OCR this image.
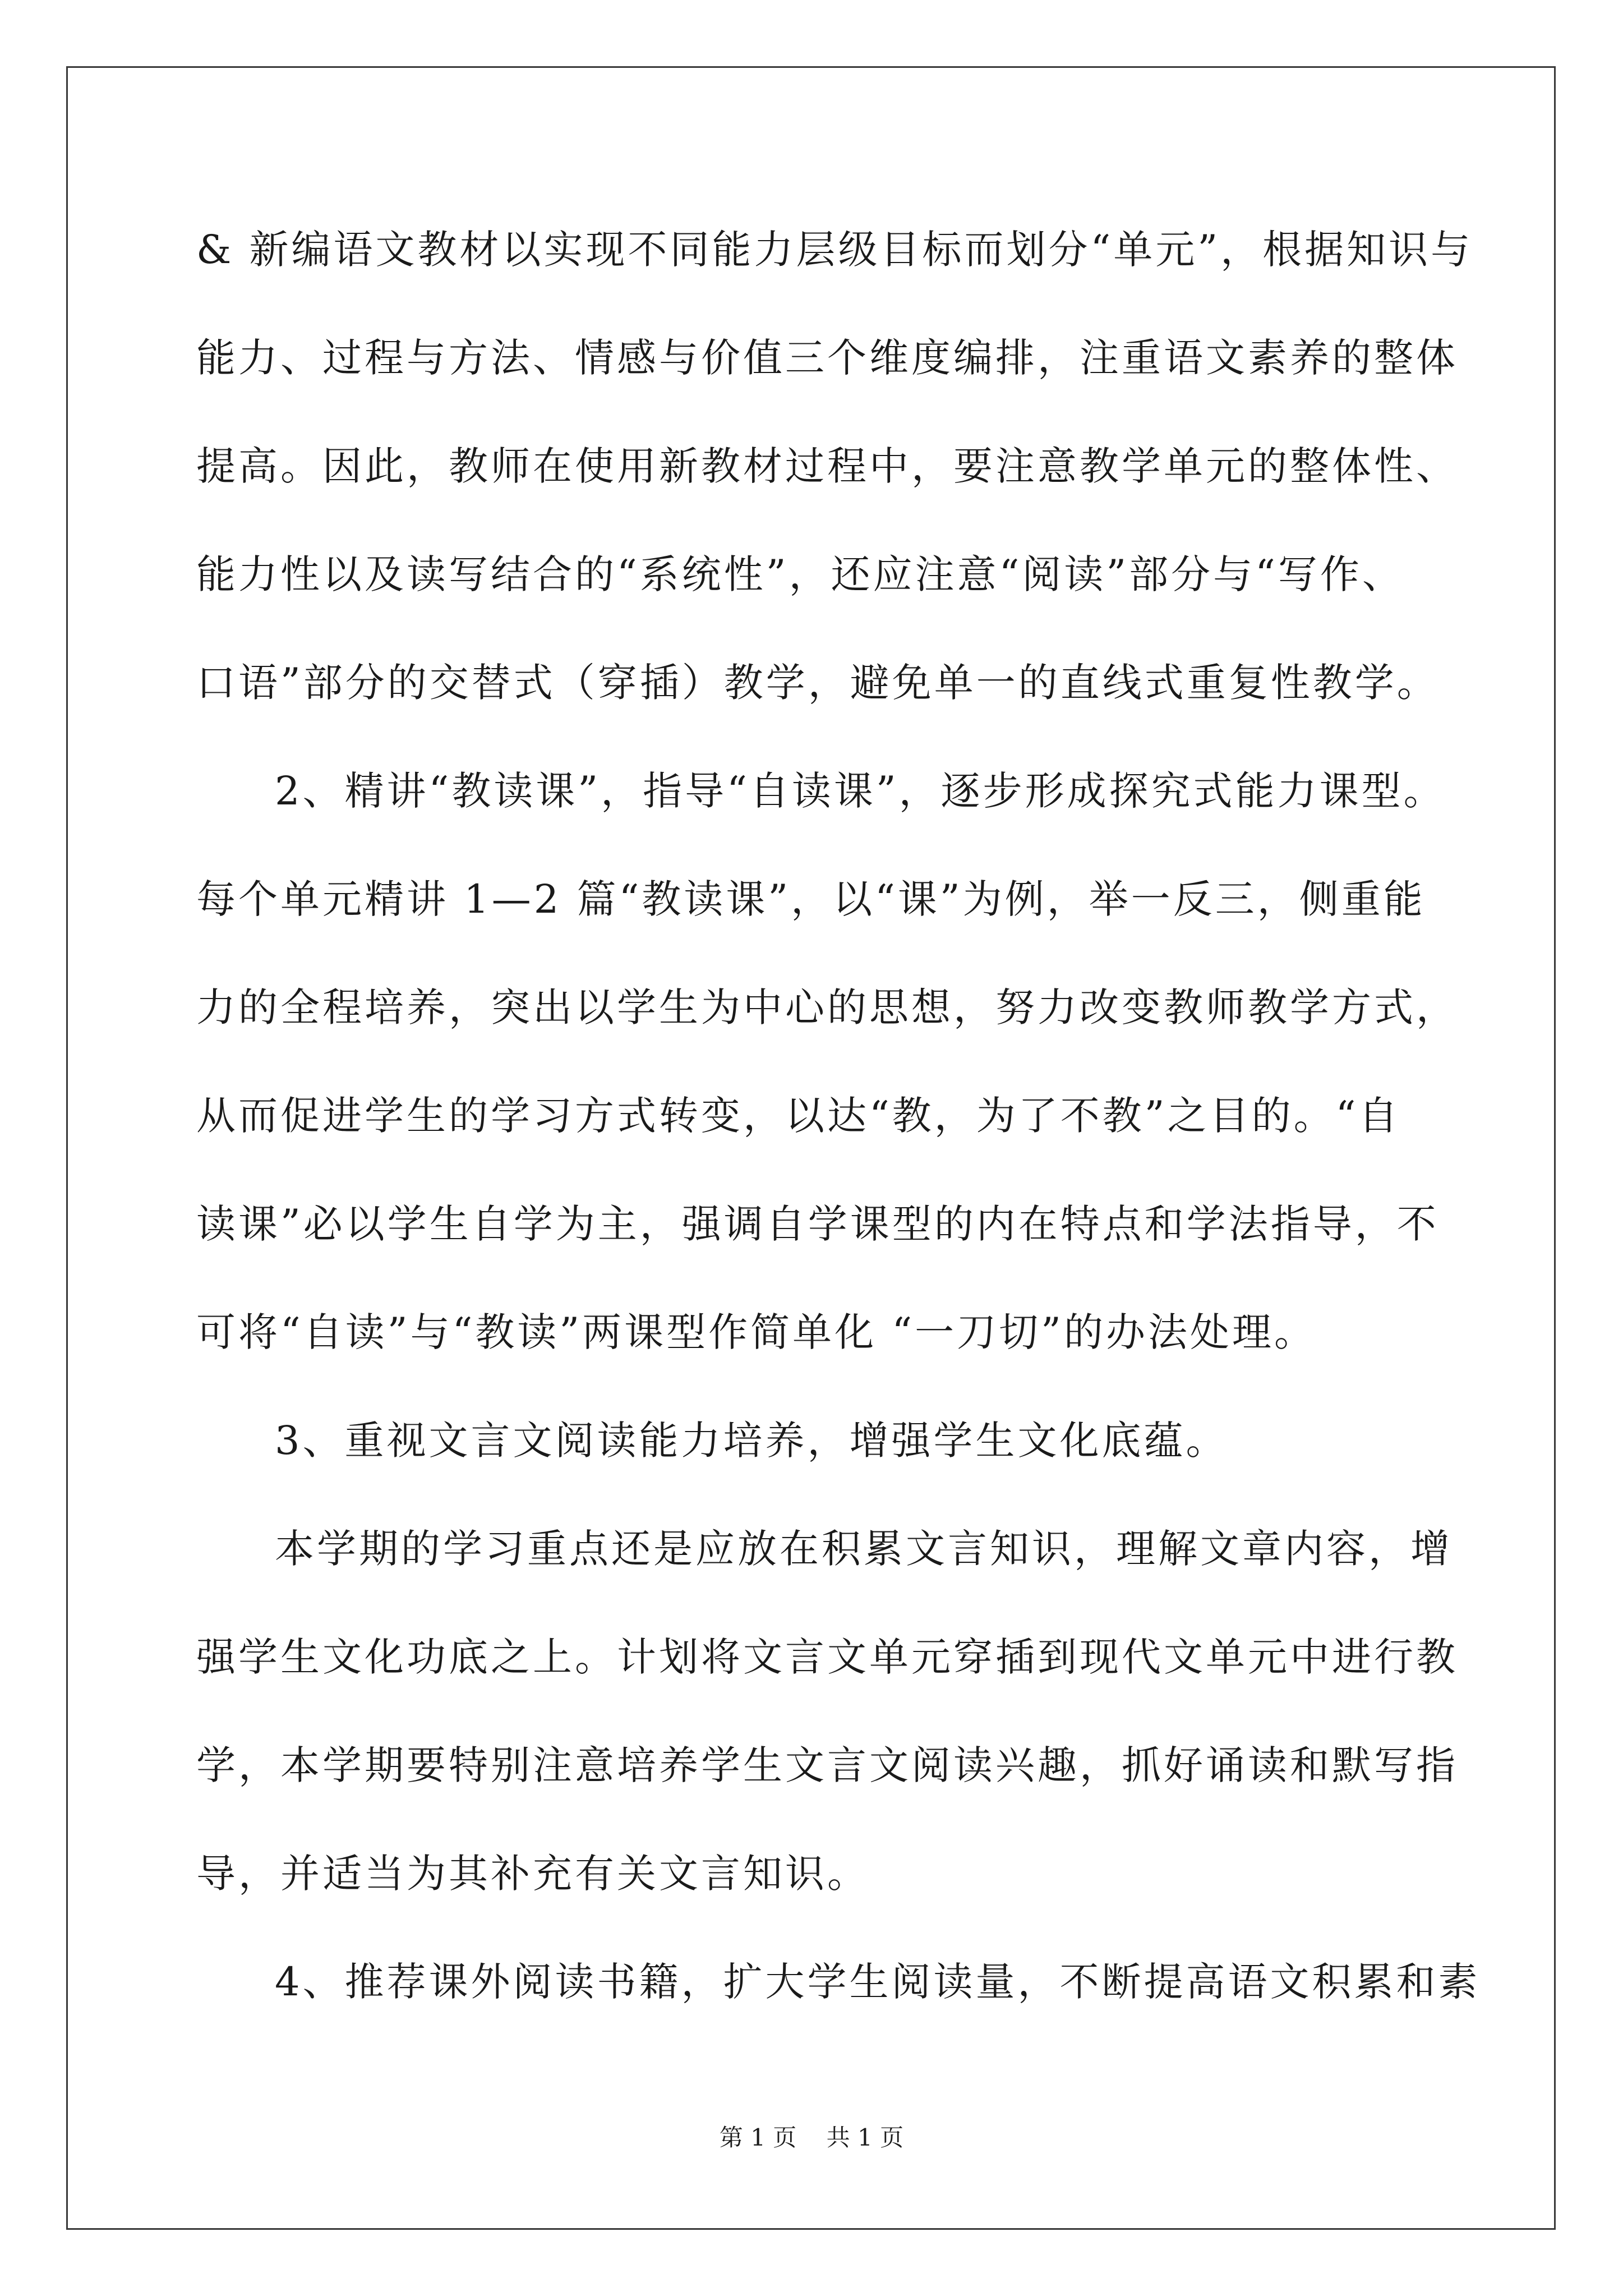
& 新编语文教材以实现不同能力层级目标而划分“单元”，根据知识与
能力、过程与方法、情感与价值三个维度编排，注重语文素养的整体
提高。因此，教师在使用新教材过程中，要注意教学单元的整体性、
能力性以及读写结合的“系统性”，还应注意“阅读”部分与“写作、
口语”部分的交替式（穿插）教学，避免单一的直线式重复性教学。
2、精讲“教读课”，指导“自读课”，逐步形成探究式能力课型。
每个单元精讲 1—2 篇“教读课”，以“课”为例，举一反三，侧重能
力的全程培养，突出以学生为中心的思想，努力改变教师教学方式，
从而促进学生的学习方式转变，以达“教，为了不教”之目的。“自
读课”必以学生自学为主，强调自学课型的内在特点和学法指导，不
可将“自读”与“教读”两课型作简单化 “一刀切”的办法处理。
3、重视文言文阅读能力培养，增强学生文化底蕴。
本学期的学习重点还是应放在积累文言知识，理解文章内容，增
强学生文化功底之上。计划将文言文单元穿插到现代文单元中进行教
学，本学期要特别注意培养学生文言文阅读兴趣，抓好诵读和默写指
导，并适当为其补充有关文言知识。
4、推荐课外阅读书籍，扩大学生阅读量，不断提高语文积累和素
第 1 页 共 1 页
